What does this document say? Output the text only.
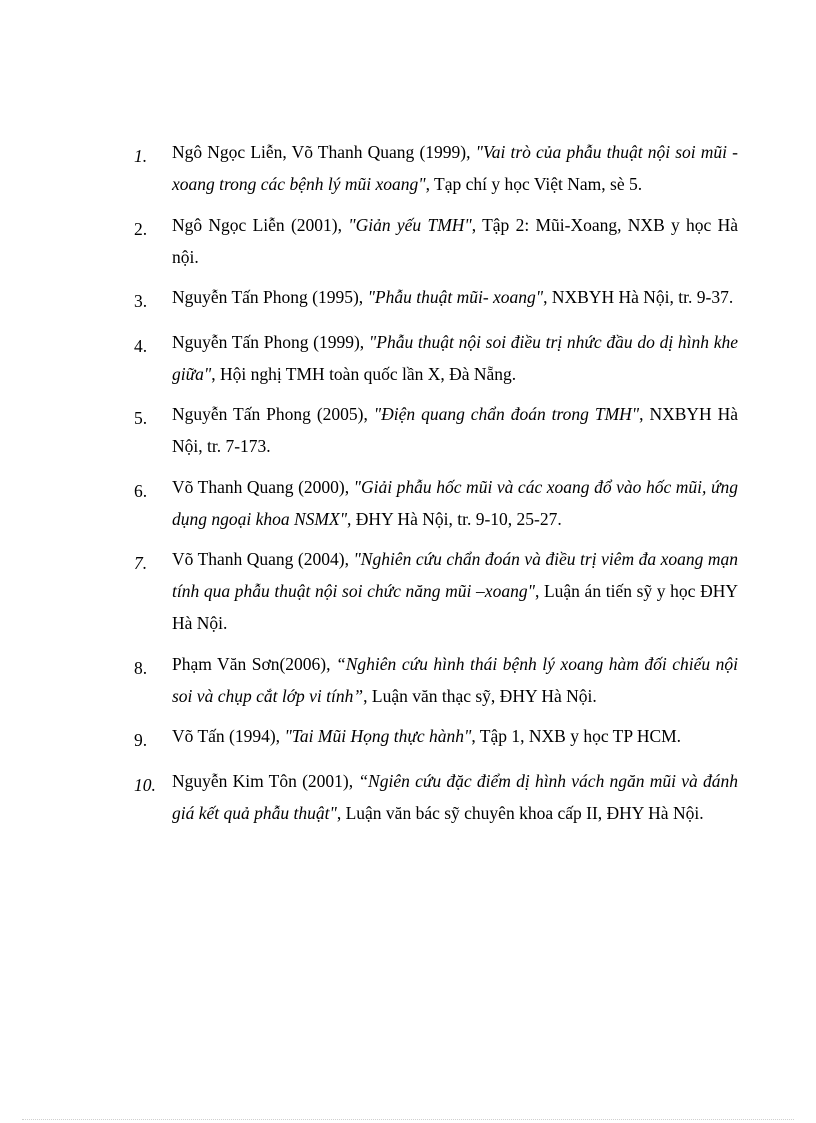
1.	Ngô Ngọc Liễn, Võ Thanh Quang (1999), "Vai trò của phẫu thuật nội soi mũi - xoang trong các bệnh lý mũi xoang", Tạp chí y học Việt Nam, sè 5.
2.	Ngô Ngọc Liễn (2001), "Giản yếu TMH", Tập 2: Mũi-Xoang, NXB y học Hà nội.
3.	Nguyễn Tấn Phong (1995), "Phẫu thuật mũi- xoang", NXBYH Hà Nội, tr. 9-37.
4.	Nguyễn Tấn Phong (1999), "Phẫu thuật nội soi điều trị nhức đầu do dị hình khe giữa", Hội nghị TMH toàn quốc lần X, Đà Nẵng.
5.	Nguyễn Tấn Phong (2005), "Điện quang chẩn đoán trong TMH", NXBYH Hà Nội, tr. 7-173.
6.	Võ Thanh Quang (2000), "Giải phẫu hốc mũi và các xoang đổ vào hốc mũi, ứng dụng ngoại khoa NSMX", ĐHY Hà Nội, tr. 9-10, 25-27.
7.	Võ Thanh Quang (2004), "Nghiên cứu chẩn đoán và điều trị viêm đa xoang mạn tính qua phẫu thuật nội soi chức năng mũi –xoang", Luận án tiến sỹ y học ĐHY Hà Nội.
8.	Phạm Văn Sơn(2006), “Nghiên cứu hình thái bệnh lý xoang hàm đối chiếu nội soi và chụp cắt lớp vi tính”, Luận văn thạc sỹ, ĐHY Hà Nội.
9.	Võ Tấn (1994), "Tai Mũi Họng thực hành", Tập 1, NXB y học TP HCM.
10. Nguyễn Kim Tôn (2001), “Ngiên cứu đặc điểm dị hình vách ngăn mũi và đánh giá kết quả phẫu thuật", Luận văn bác sỹ chuyên khoa cấp II, ĐHY Hà Nội.
